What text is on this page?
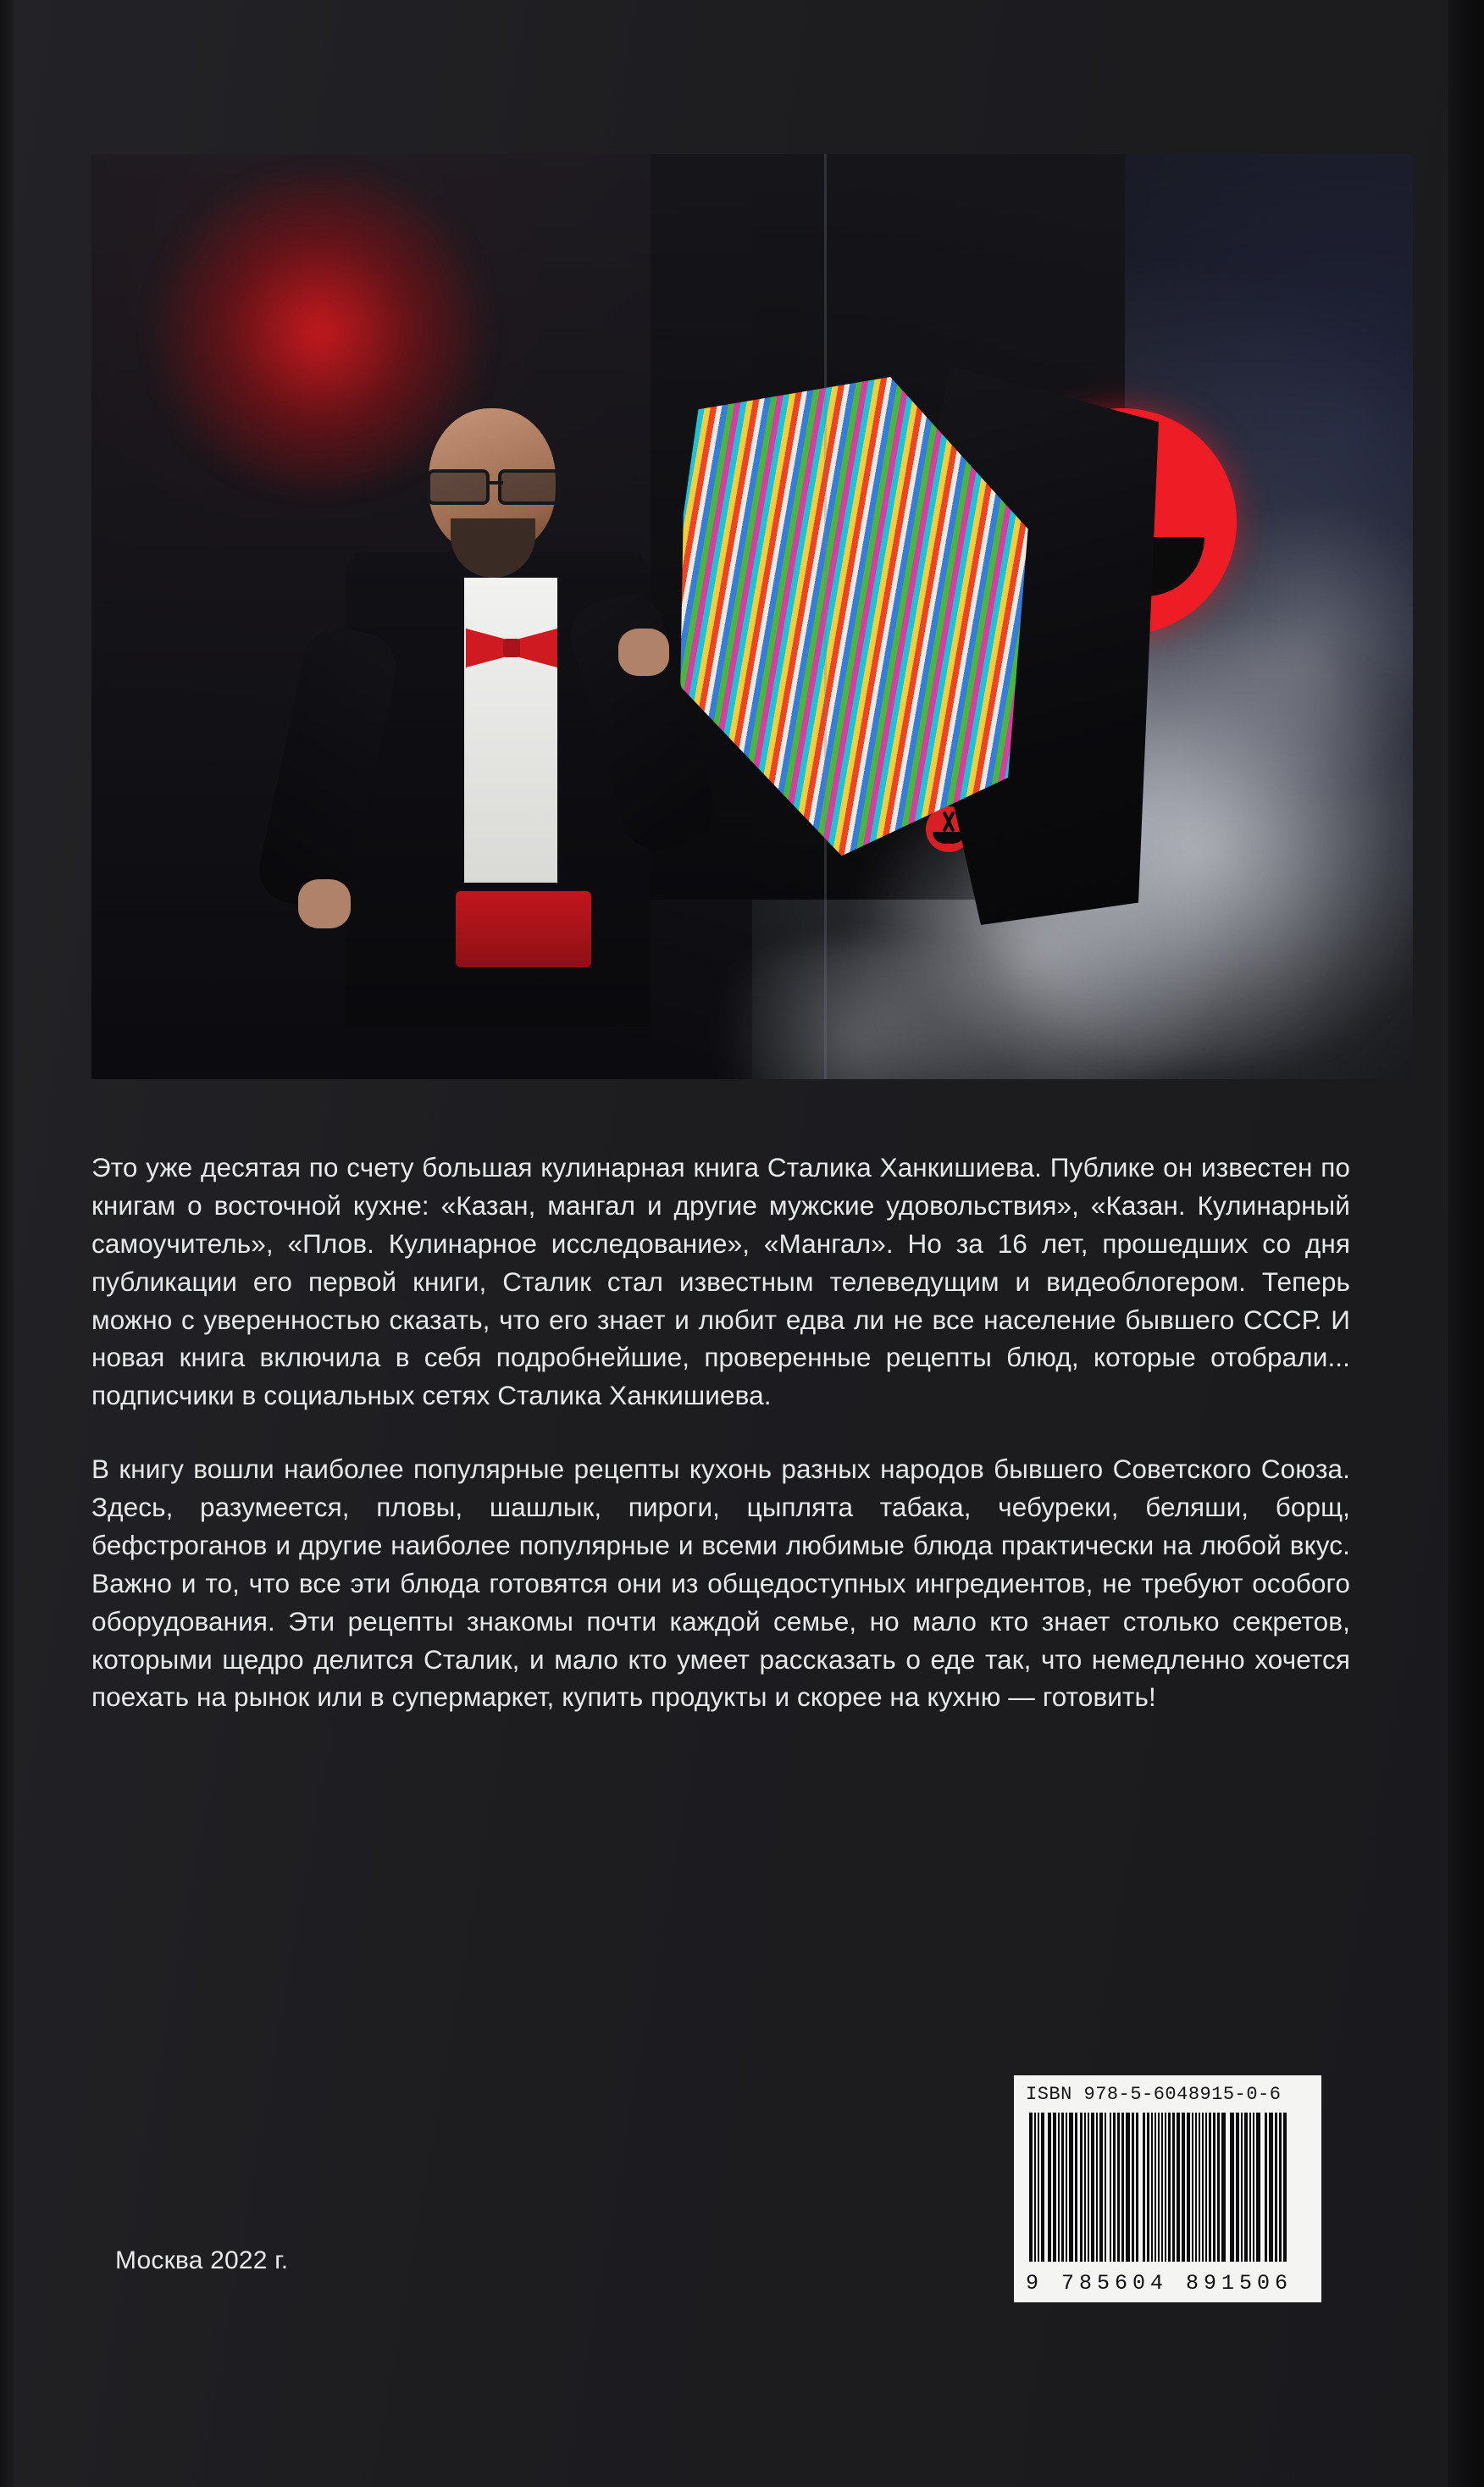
Это уже десятая по счету большая кулинарная книга Сталика Ханкишиева. Публике он известен по книгам о восточной кухне: «Казан, мангал и другие мужские удовольствия», «Казан. Кулинарный самоучитель», «Плов. Кулинарное исследование», «Мангал». Но за 16 лет, прошедших со дня публикации его первой книги, Сталик стал известным телеведущим и видеоблогером. Теперь можно с уверенностью сказать, что его знает и любит едва ли не все население бывшего СССР. И новая книга включила в себя подробнейшие, проверенные рецепты блюд, которые отобрали... подписчики в социальных сетях Сталика Ханкишиева.

В книгу вошли наиболее популярные рецепты кухонь разных народов бывшего Советского Союза. Здесь, разумеется, пловы, шашлык, пироги, цыплята табака, чебуреки, беляши, борщ, бефстроганов и другие наиболее популярные и всеми любимые блюда практически на любой вкус. Важно и то, что все эти блюда готовятся они из общедоступных ингредиентов, не требуют особого оборудования. Эти рецепты знакомы почти каждой семье, но мало кто знает столько секретов, которыми щедро делится Сталик, и мало кто умеет рассказать о еде так, что немедленно хочется поехать на рынок или в супермаркет, купить продукты и скорее на кухню — готовить!

ISBN 978-5-6048915-0-6
9 785604 891506
Москва 2022 г.
